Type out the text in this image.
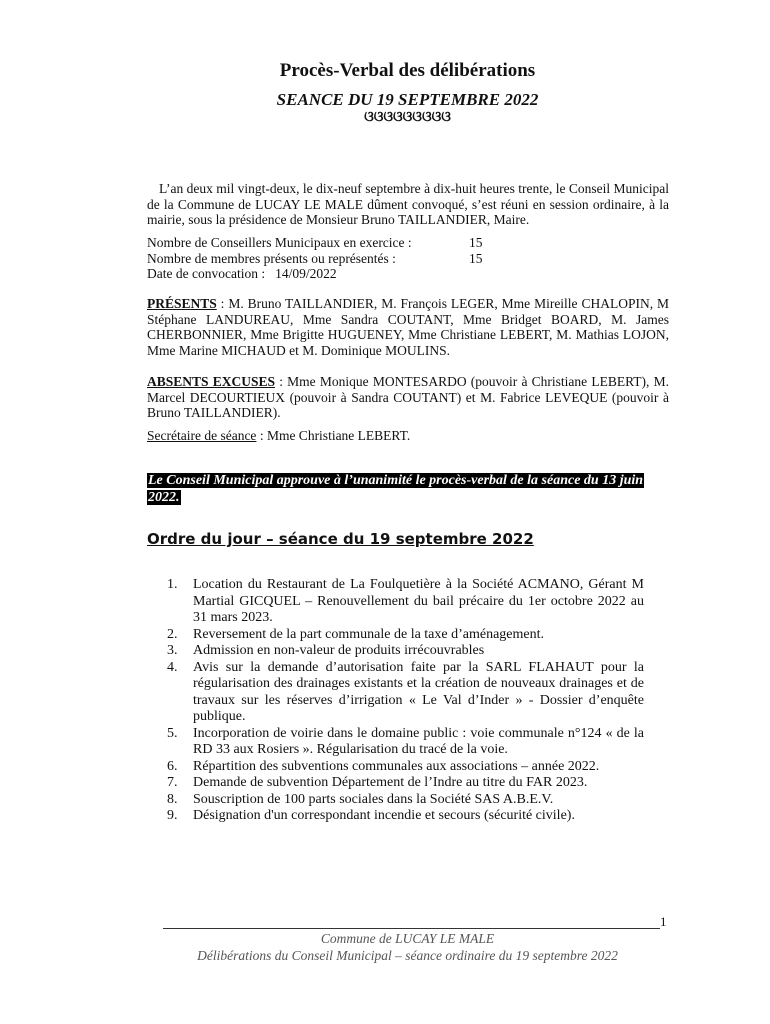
Procès-Verbal des délibérations
SEANCE DU 19 SEPTEMBRE 2022
ଓଓଓଓଓଓଓଓଓ

L’an deux mil vingt-deux, le dix-neuf septembre à dix-huit heures trente, le Conseil Municipal de la Commune de LUCAY LE MALE dûment convoqué, s’est réuni en session ordinaire, à la mairie, sous la présidence de Monsieur Bruno TAILLANDIER, Maire.

Nombre de Conseillers Municipaux en exercice :	15
Nombre de membres présents ou représentés :	15
Date de convocation : 14/09/2022

PRÉSENTS : M. Bruno TAILLANDIER, M. François LEGER, Mme Mireille CHALOPIN, M Stéphane LANDUREAU, Mme Sandra COUTANT, Mme Bridget BOARD, M. James CHERBONNIER, Mme Brigitte HUGUENEY, Mme Christiane LEBERT, M. Mathias LOJON, Mme Marine MICHAUD et M. Dominique MOULINS.

ABSENTS EXCUSES : Mme Monique MONTESARDO (pouvoir à Christiane LEBERT), M. Marcel DECOURTIEUX (pouvoir à Sandra COUTANT) et M. Fabrice LEVEQUE (pouvoir à Bruno TAILLANDIER).

Secrétaire de séance : Mme Christiane LEBERT.

Le Conseil Municipal approuve à l’unanimité le procès-verbal de la séance du 13 juin 2022.

Ordre du jour – séance du 19 septembre 2022
1.	Location du Restaurant de La Foulquetière à la Société ACMANO, Gérant M Martial GICQUEL – Renouvellement du bail précaire du 1er octobre 2022 au 31 mars 2023.
2.	Reversement de la part communale de la taxe d’aménagement.
3.	Admission en non-valeur de produits irrécouvrables
4.	Avis sur la demande d’autorisation faite par la SARL FLAHAUT pour la régularisation des drainages existants et la création de nouveaux drainages et de travaux sur les réserves d’irrigation « Le Val d’Inder » - Dossier d’enquête publique.
5.	Incorporation de voirie dans le domaine public : voie communale n°124 « de la RD 33 aux Rosiers ». Régularisation du tracé de la voie.
6.	Répartition des subventions communales aux associations – année 2022.
7.	Demande de subvention Département de l’Indre au titre du FAR 2023.
8.	Souscription de 100 parts sociales dans la Société SAS A.B.E.V.
9.	Désignation d'un correspondant incendie et secours (sécurité civile).
1
Commune de LUCAY LE MALE
Délibérations du Conseil Municipal – séance ordinaire du 19 septembre 2022
